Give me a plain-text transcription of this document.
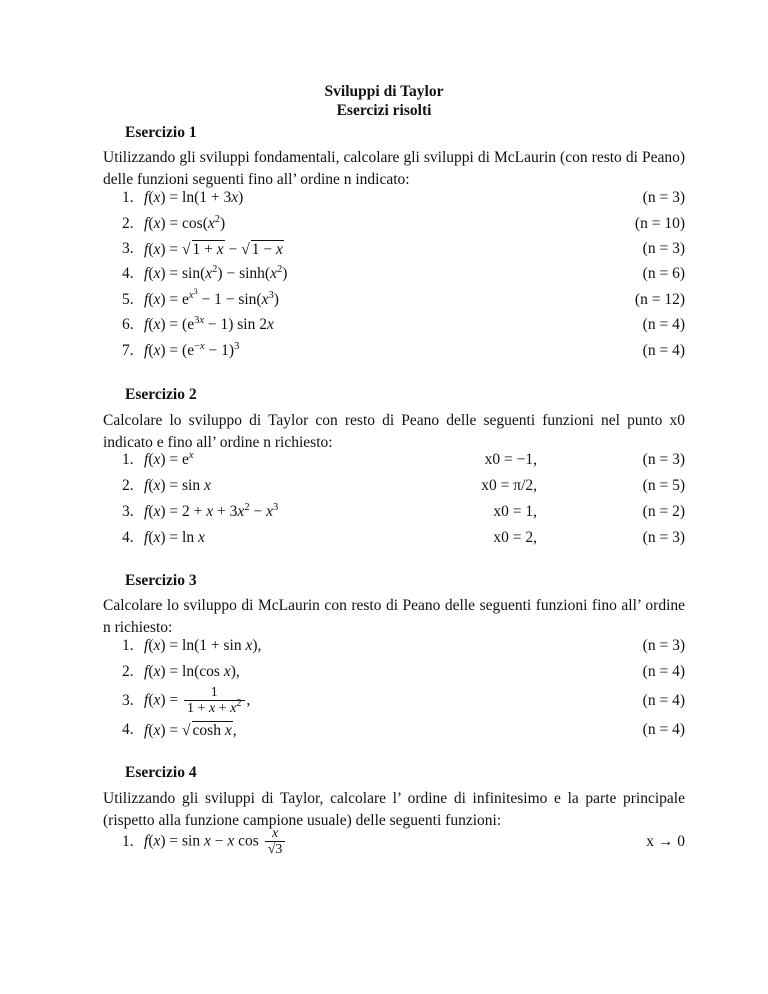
Sviluppi di Taylor
Esercizi risolti
Esercizio 1
Utilizzando gli sviluppi fondamentali, calcolare gli sviluppi di McLaurin (con resto di Peano) delle funzioni seguenti fino all’ ordine n indicato:
1. f(x) = ln(1 + 3x)	(n = 3)
2. $f(x) = \cos(x^2)$	(n = 10)
3. f(x) = √ 1 + x − √ 1 − x	(n = 3)
4. $f(x) = \sin(x^2) - \sinh(x^2)$	(n = 6)
5. $f(x) = e^{x^3} - 1 - \sin(x^3)$	(n = 12)
6. $f(x) = (e^{3x} - 1)$ sin 2x	(n = 4)
7. $f(x) = (e^{-x} - 1)^3$	(n = 4)
Esercizio 2
Calcolare lo sviluppo di Taylor con resto di Peano delle seguenti funzioni nel punto x0 indicato e fino all’ ordine n richiesto:
1. $f(x) = e^x$	x0 = −1,	(n = 3)
2. f(x) = sin x	x0 = π/2,	(n = 5)
3. $f(x) = 2 + x + 3x^2 - x^3$	x0 = 1,	(n = 2)
4. f(x) = ln x	x0 = 2,	(n = 3)
Esercizio 3
Calcolare lo sviluppo di McLaurin con resto di Peano delle seguenti funzioni fino all’ ordine n richiesto:
1. f(x) = ln(1 + sin x),	(n = 3)
2. f(x) = ln(cos x),	(n = 4)
3. $f(x) = \frac{1}{1 + x + x^2}$ ,	(n = 4)
4. f(x) = √ cosh x,	(n = 4)
Esercizio 4
Utilizzando gli sviluppi di Taylor, calcolare l’ ordine di infinitesimo e la parte principale (rispetto alla funzione campione usuale) delle seguenti funzioni:
1. f(x) = sin x − x $\cos \frac{x}{√3}$	x → 0
